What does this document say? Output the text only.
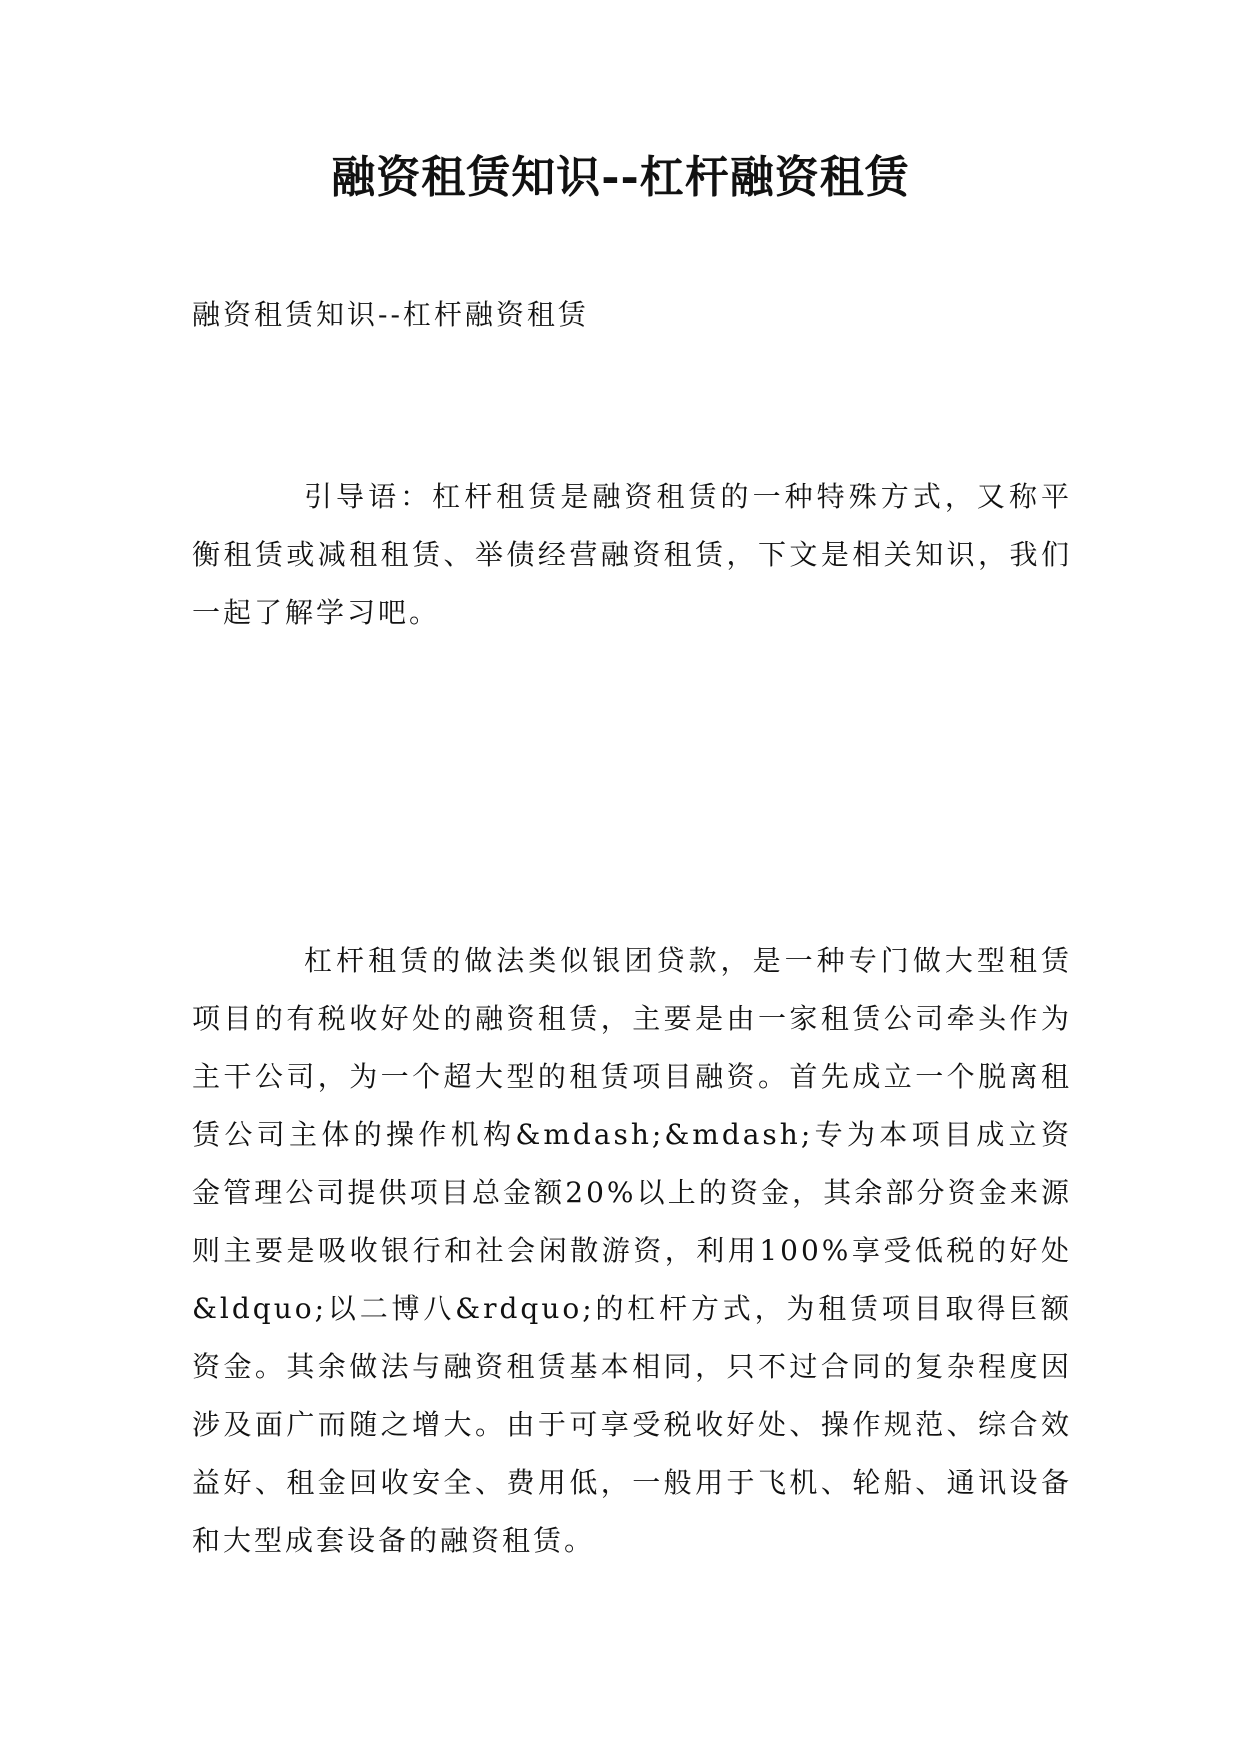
融资租赁知识--杠杆融资租赁
融资租赁知识--杠杆融资租赁
引导语：杠杆租赁是融资租赁的一种特殊方式，又称平衡租赁或减租租赁、举债经营融资租赁，下文是相关知识，我们一起了解学习吧。
杠杆租赁的做法类似银团贷款，是一种专门做大型租赁项目的有税收好处的融资租赁，主要是由一家租赁公司牵头作为主干公司，为一个超大型的租赁项目融资。首先成立一个脱离租赁公司主体的操作机构&mdash;&mdash;专为本项目成立资金管理公司提供项目总金额20%以上的资金，其余部分资金来源则主要是吸收银行和社会闲散游资，利用100%享受低税的好处&ldquo;以二博八&rdquo;的杠杆方式，为租赁项目取得巨额资金。其余做法与融资租赁基本相同，只不过合同的复杂程度因涉及面广而随之增大。由于可享受税收好处、操作规范、综合效益好、租金回收安全、费用低，一般用于飞机、轮船、通讯设备和大型成套设备的融资租赁。
